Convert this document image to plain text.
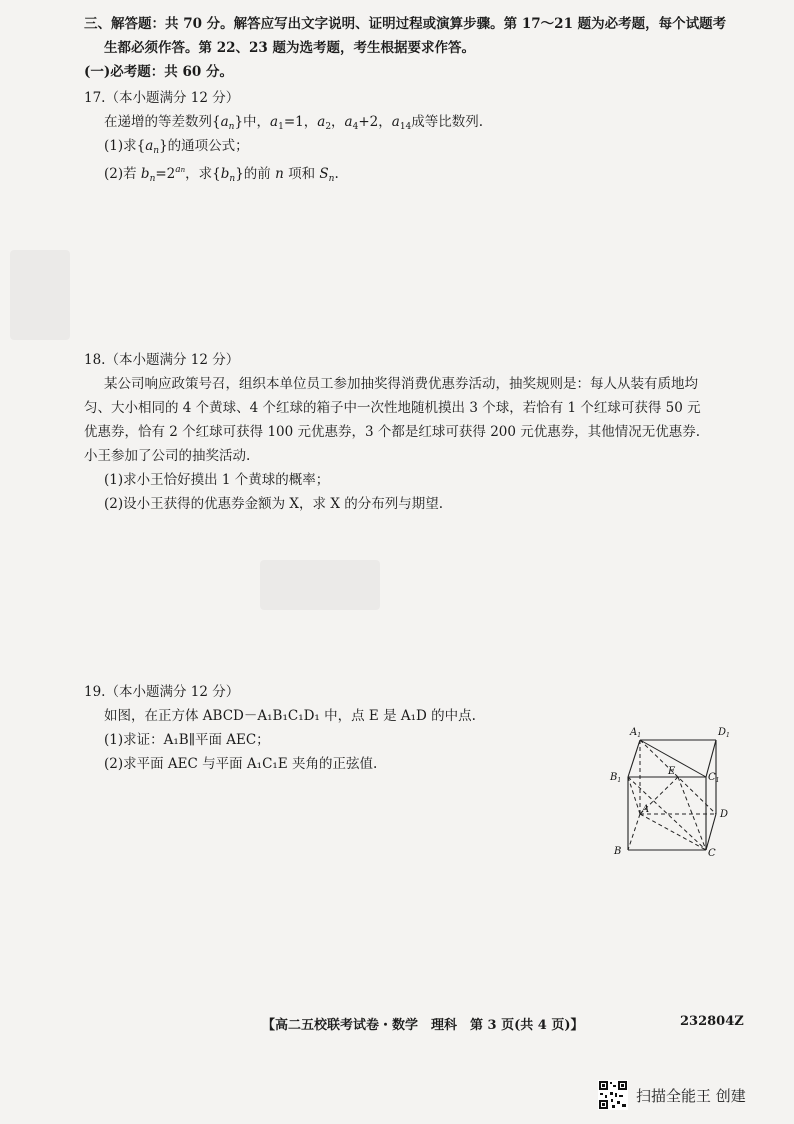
三、解答题：共 70 分。解答应写出文字说明、证明过程或演算步骤。第 17～21 题为必考题，每个试题考
生都必须作答。第 22、23 题为选考题，考生根据要求作答。
(一)必考题：共 60 分。
17.（本小题满分 12 分）
在递增的等差数列$\{a_n\}$中，$a_1=1$，$a_2$，$a_4+2$，$a_{14}$成等比数列.
(1)求$\{a_n\}$的通项公式；
(2)若 $b_n=2^{an}$，求$\{b_n\}$的前 n 项和 $S_n$.
18.（本小题满分 12 分）
某公司响应政策号召，组织本单位员工参加抽奖得消费优惠券活动，抽奖规则是：每人从装有质地均
匀、大小相同的 4 个黄球、4 个红球的箱子中一次性地随机摸出 3 个球，若恰有 1 个红球可获得 50 元
优惠券，恰有 2 个红球可获得 100 元优惠券，3 个都是红球可获得 200 元优惠券，其他情况无优惠券.
小王参加了公司的抽奖活动.
(1)求小王恰好摸出 1 个黄球的概率；
(2)设小王获得的优惠券金额为 X，求 X 的分布列与期望.
19.（本小题满分 12 分）
如图，在正方体 ABCD－A₁B₁C₁D₁ 中，点 E 是 A₁D 的中点.
(1)求证：A₁B∥平面 AEC；
(2)求平面 AEC 与平面 A₁C₁E 夹角的正弦值.
$A_1$	$D_1$
$B_1$	$C_1$
E
A	D
B	C
【高二五校联考试卷・数学　理科　第 3 页(共 4 页)】	232804Z
扫描全能王 创建
